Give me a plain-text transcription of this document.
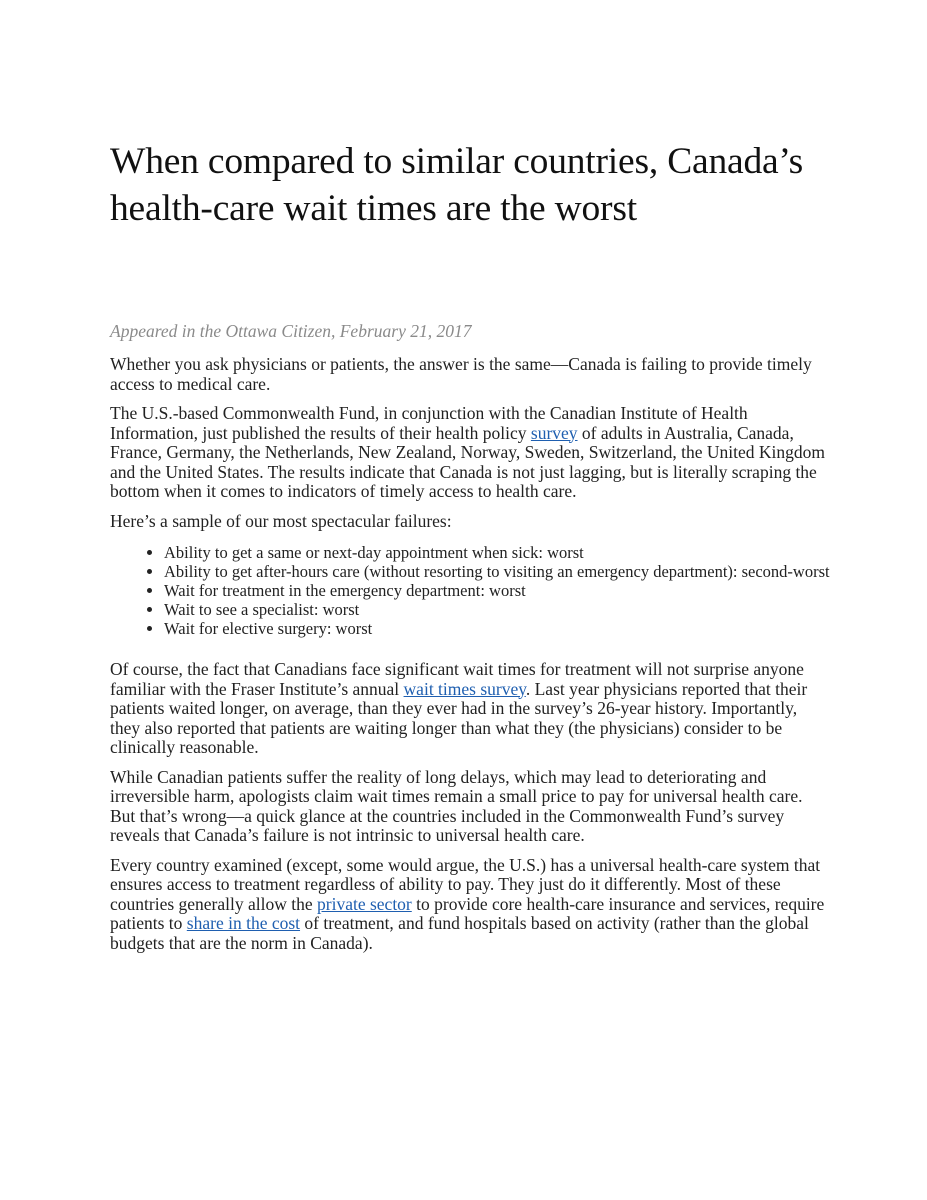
When compared to similar countries, Canada’s health-care wait times are the worst

Appeared in the Ottawa Citizen, February 21, 2017

Whether you ask physicians or patients, the answer is the same—Canada is failing to provide timely access to medical care.

The U.S.-based Commonwealth Fund, in conjunction with the Canadian Institute of Health Information, just published the results of their health policy survey of adults in Australia, Canada, France, Germany, the Netherlands, New Zealand, Norway, Sweden, Switzerland, the United Kingdom and the United States. The results indicate that Canada is not just lagging, but is literally scraping the bottom when it comes to indicators of timely access to health care.

Here’s a sample of our most spectacular failures:

• Ability to get a same or next-day appointment when sick: worst
• Ability to get after-hours care (without resorting to visiting an emergency department): second-worst
• Wait for treatment in the emergency department: worst
• Wait to see a specialist: worst
• Wait for elective surgery: worst

Of course, the fact that Canadians face significant wait times for treatment will not surprise anyone familiar with the Fraser Institute’s annual wait times survey. Last year physicians reported that their patients waited longer, on average, than they ever had in the survey’s 26-year history. Importantly, they also reported that patients are waiting longer than what they (the physicians) consider to be clinically reasonable.

While Canadian patients suffer the reality of long delays, which may lead to deteriorating and irreversible harm, apologists claim wait times remain a small price to pay for universal health care. But that’s wrong—a quick glance at the countries included in the Commonwealth Fund’s survey reveals that Canada’s failure is not intrinsic to universal health care.

Every country examined (except, some would argue, the U.S.) has a universal health-care system that ensures access to treatment regardless of ability to pay. They just do it differently. Most of these countries generally allow the private sector to provide core health-care insurance and services, require patients to share in the cost of treatment, and fund hospitals based on activity (rather than the global budgets that are the norm in Canada).
